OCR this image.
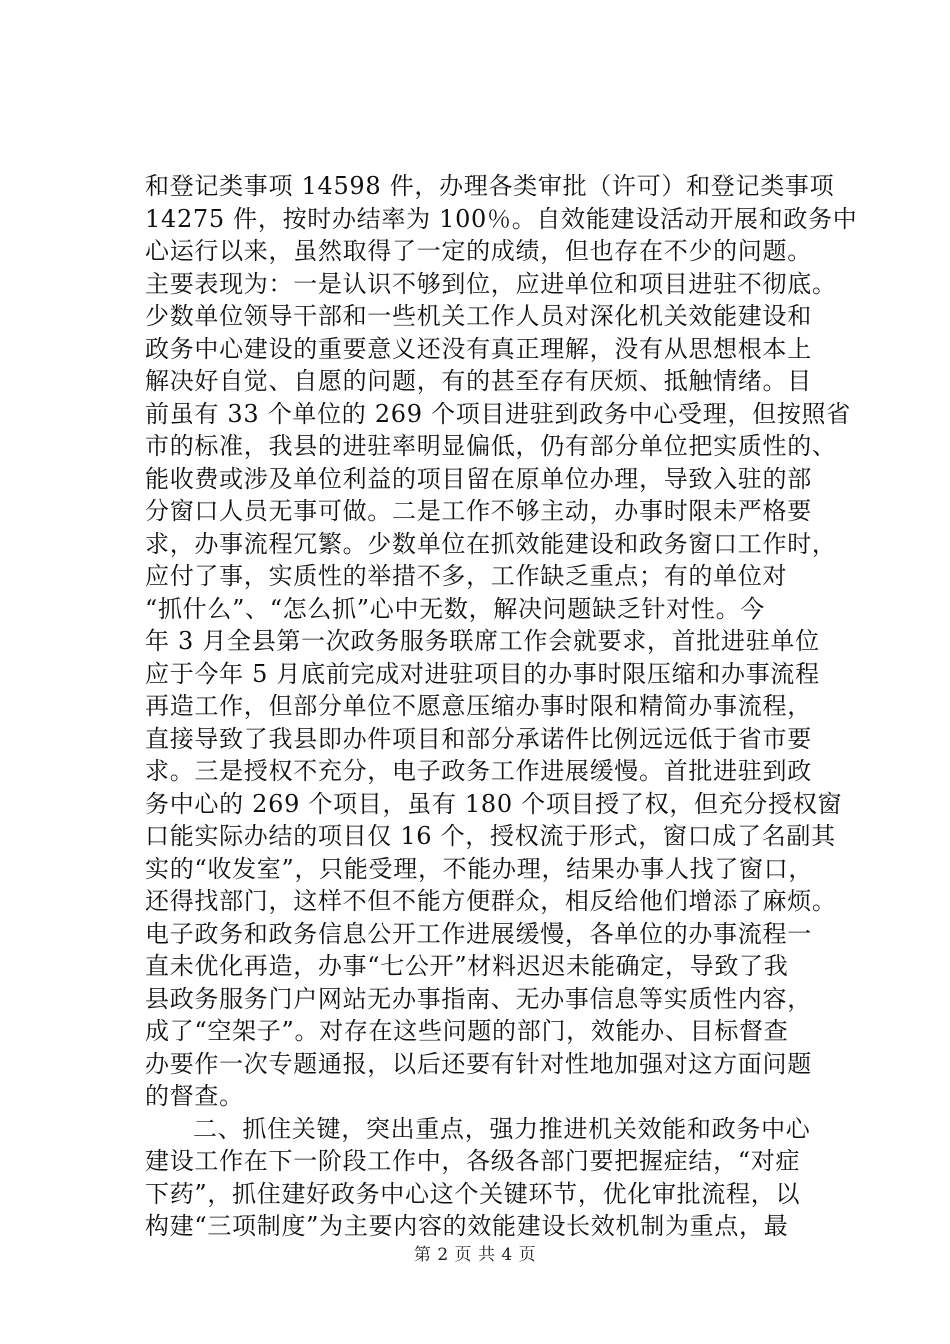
和登记类事项 14598 件，办理各类审批（许可）和登记类事项
14275 件，按时办结率为 100％。自效能建设活动开展和政务中
心运行以来，虽然取得了一定的成绩，但也存在不少的问题。
主要表现为：一是认识不够到位，应进单位和项目进驻不彻底。
少数单位领导干部和一些机关工作人员对深化机关效能建设和
政务中心建设的重要意义还没有真正理解，没有从思想根本上
解决好自觉、自愿的问题，有的甚至存有厌烦、抵触情绪。目
前虽有 33 个单位的 269 个项目进驻到政务中心受理，但按照省
市的标准，我县的进驻率明显偏低，仍有部分单位把实质性的、
能收费或涉及单位利益的项目留在原单位办理，导致入驻的部
分窗口人员无事可做。二是工作不够主动，办事时限未严格要
求，办事流程冗繁。少数单位在抓效能建设和政务窗口工作时，
应付了事，实质性的举措不多，工作缺乏重点；有的单位对
“抓什么”、“怎么抓”心中无数，解决问题缺乏针对性。今
年 3 月全县第一次政务服务联席工作会就要求，首批进驻单位
应于今年 5 月底前完成对进驻项目的办事时限压缩和办事流程
再造工作，但部分单位不愿意压缩办事时限和精简办事流程，
直接导致了我县即办件项目和部分承诺件比例远远低于省市要
求。三是授权不充分，电子政务工作进展缓慢。首批进驻到政
务中心的 269 个项目，虽有 180 个项目授了权，但充分授权窗
口能实际办结的项目仅 16 个，授权流于形式，窗口成了名副其
实的“收发室”，只能受理，不能办理，结果办事人找了窗口，
还得找部门，这样不但不能方便群众，相反给他们增添了麻烦。
电子政务和政务信息公开工作进展缓慢，各单位的办事流程一
直未优化再造，办事“七公开”材料迟迟未能确定，导致了我
县政务服务门户网站无办事指南、无办事信息等实质性内容，
成了“空架子”。对存在这些问题的部门，效能办、目标督查
办要作一次专题通报，以后还要有针对性地加强对这方面问题
的督查。
二、抓住关键，突出重点，强力推进机关效能和政务中心
建设工作在下一阶段工作中，各级各部门要把握症结，“对症
下药”，抓住建好政务中心这个关键环节，优化审批流程，以
构建“三项制度”为主要内容的效能建设长效机制为重点，最
第 2 页 共 4 页
